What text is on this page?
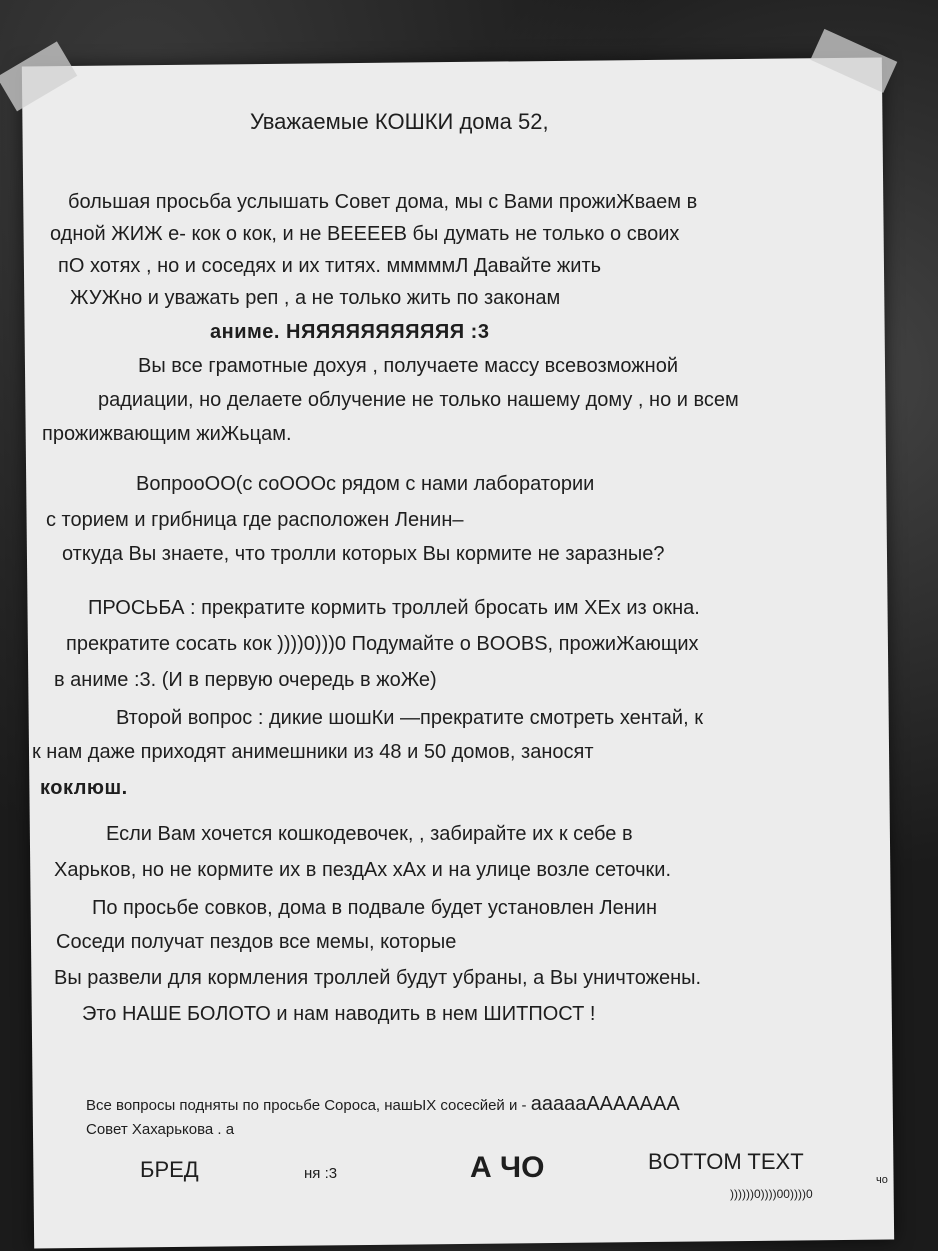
Уважаемые КОШКИ дома 52,
большая просьба услышать Совет дома, мы с Вами прожиЖваем в
одной ЖИЖ е- кок о кок, и не ВЕЕЕЕВ бы думать не только о своих
пО хотях , но и соседях и их титях. мммммЛ Давайте жить
ЖУЖно и уважать реп , а не только жить по законам
аниме. НЯЯЯЯЯЯЯЯЯЯЯ :3
Вы все грамотные дохуя , получаете массу всевозможной
радиации, но делаете облучение не только нашему дому , но и всем
прожижвающим жиЖьцам.
ВопрооОО(с соОООс рядом с нами лаборатории
с торием и грибница где расположен Ленин–
откуда Вы знаете, что тролли которых Вы кормите не заразные?
ПРОСЬБА : прекратите кормить троллей бросать им ХЕх из окна.
прекратите сосать кок ))))0)))0 Подумайте о BOOBS, прожиЖающих
в аниме :3. (И в первую очередь в жоЖе)
Второй вопрос : дикие шошКи —прекратите смотреть хентай, к
к нам даже приходят анимешники из 48 и 50 домов, заносят
коклюш.
Если Вам хочется кошкодевочек, , забирайте их к себе в
Харьков, но не кормите их в пездАх хАх и на улице возле сеточки.
По просьбе совков, дома в подвале будет установлен Ленин
Соседи получат пездов все мемы, которые
Вы развели для кормления троллей будут убраны, а Вы уничтожены.
Это НАШЕ БОЛОТО и нам наводить в нем ШИТПОСТ !
Все вопросы подняты по просьбе Сороса, нашЫХ сосесйей и - аааааААААААА
Совет Хахарькова . а
БРЕД	ня :3	А ЧО	BOTTOM TEXT
))))))0))))00))))0
чо
